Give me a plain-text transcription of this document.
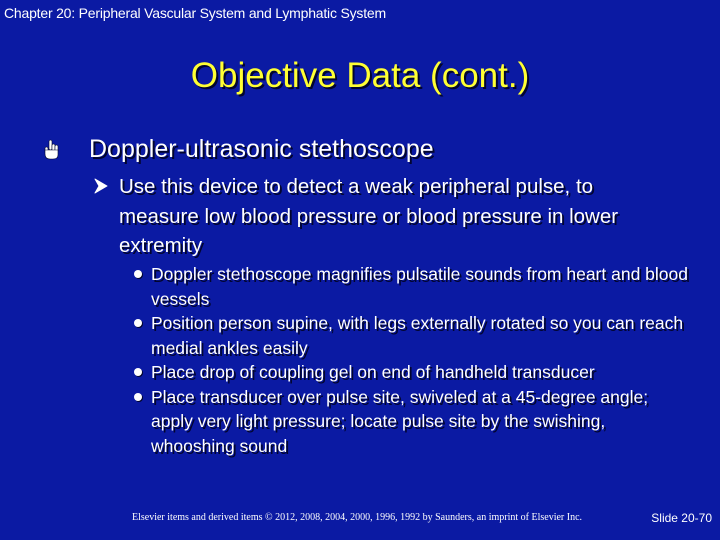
Chapter 20: Peripheral Vascular System and Lymphatic System
Objective Data (cont.)
Doppler-ultrasonic stethoscope
Use this device to detect a weak peripheral pulse, to measure low blood pressure or blood pressure in lower extremity
Doppler stethoscope magnifies pulsatile sounds from heart and blood vessels
Position person supine, with legs externally rotated so you can reach medial ankles easily
Place drop of coupling gel on end of handheld transducer
Place transducer over pulse site, swiveled at a 45-degree angle; apply very light pressure; locate pulse site by the swishing, whooshing sound
Elsevier items and derived items © 2012, 2008, 2004, 2000, 1996, 1992 by Saunders, an imprint of Elsevier Inc.	Slide 20-70
